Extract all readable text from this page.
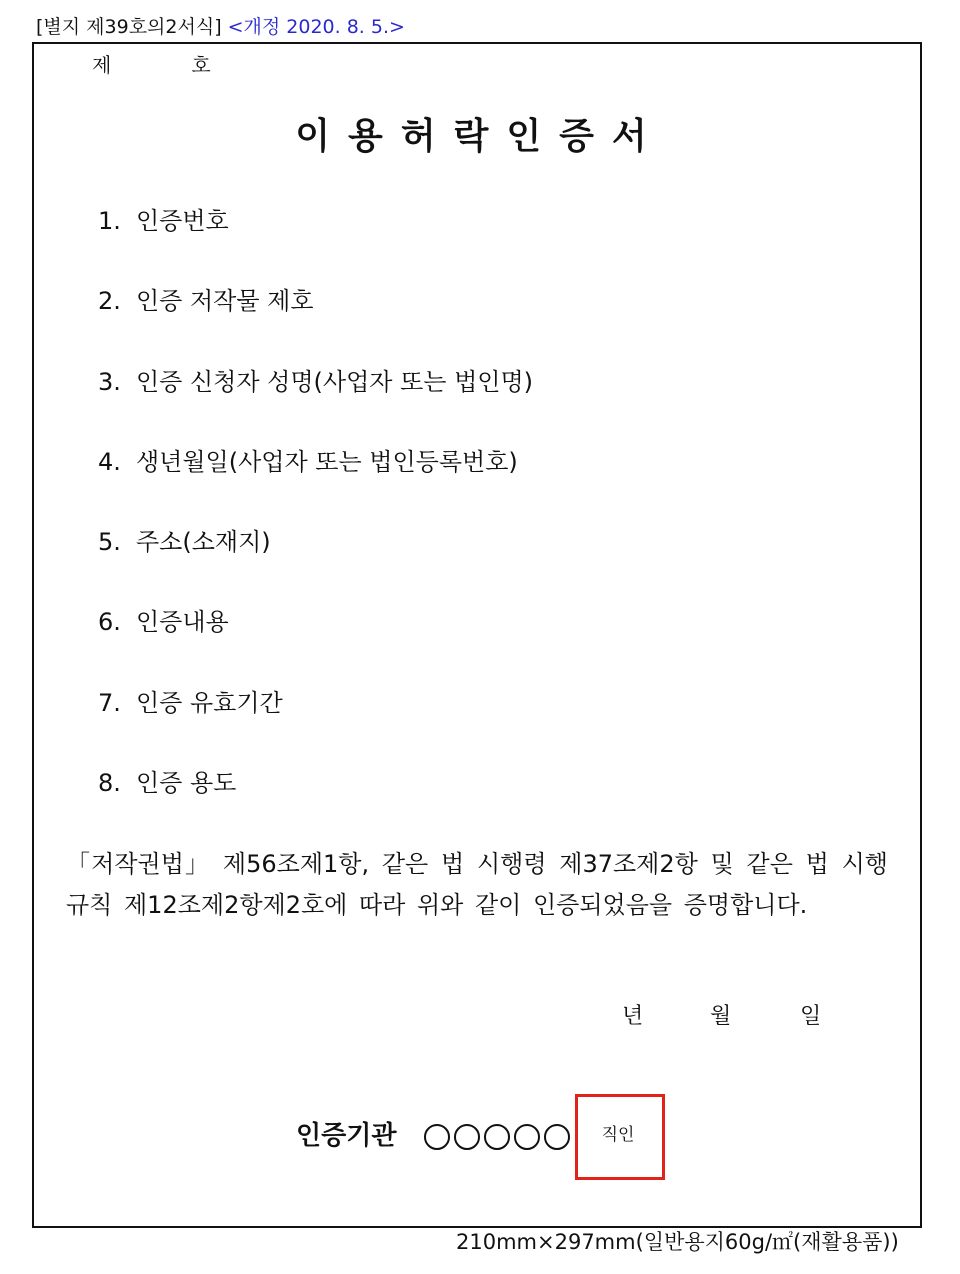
[별지 제39호의2서식] <개정 2020. 8. 5.>
제	호
이용허락인증서
1. 인증번호
2. 인증 저작물 제호
3. 인증 신청자 성명(사업자 또는 법인명)
4. 생년월일(사업자 또는 법인등록번호)
5. 주소(소재지)
6. 인증내용
7. 인증 유효기간
8. 인증 용도
「저작권법」 제56조제1항, 같은 법 시행령 제37조제2항 및 같은 법 시행규칙 제12조제2항제2호에 따라 위와 같이 인증되었음을 증명합니다.
년	월	일
인증기관	직인
210mm×297mm(일반용지60g/㎡(재활용품))
